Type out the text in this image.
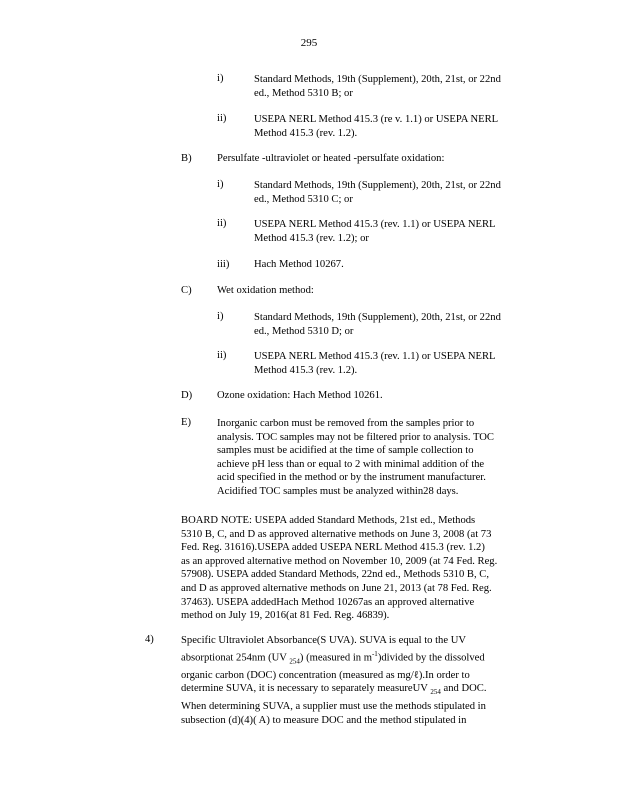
295
i)	Standard Methods, 19th (Supplement), 20th, 21st, or 22nd
ed., Method 5310 B; or
ii)	USEPA NERL Method 415.3 (re v. 1.1) or USEPA NERL
Method 415.3 (rev. 1.2).
B) Persulfate -ultraviolet or heated -persulfate oxidation:
i)	Standard Methods, 19th (Supplement), 20th, 21st, or 22nd
ed., Method 5310 C; or
ii)	USEPA NERL Method 415.3 (rev. 1.1) or USEPA NERL
Method 415.3 (rev. 1.2); or
iii) Hach Method 10267.
C) Wet oxidation method:
i)	Standard Methods, 19th (Supplement), 20th, 21st, or 22nd
ed., Method 5310 D; or
ii)	USEPA NERL Method 415.3 (rev. 1.1) or USEPA NERL
Method 415.3 (rev. 1.2).
D) Ozone oxidation: Hach Method 10261.
E) Inorganic carbon must be removed from the samples prior to
analysis. TOC samples may not be filtered prior to analysis. TOC
samples must be acidified at the time of sample collection to
achieve pH less than or equal to 2 with minimal addition of the
acid specified in the method or by the instrument manufacturer.
Acidified TOC samples must be analyzed within28 days.
BOARD NOTE: USEPA added Standard Methods, 21st ed., Methods
5310 B, C, and D as approved alternative methods on June 3, 2008 (at 73
Fed. Reg. 31616).USEPA added USEPA NERL Method 415.3 (rev. 1.2)
as an approved alternative method on November 10, 2009 (at 74 Fed. Reg.
57908). USEPA added Standard Methods, 22nd ed., Methods 5310 B, C,
and D as approved alternative methods on June 21, 2013 (at 78 Fed. Reg.
37463). USEPA addedHach Method 10267as an approved alternative
method on July 19, 2016(at 81 Fed. Reg. 46839).
4)	Specific Ultraviolet Absorbance(S UVA). SUVA is equal to the UV
absorptionat 254nm (UV $_{254}$) (measured in $m^{-1})divided$ by the dissolved
organic carbon (DOC) concentration (measured as mg/ℓ).In order to
determine SUVA, it is necessary to separately measureUV $_{254}$ and DOC.
When determining SUVA, a supplier must use the methods stipulated in
subsection (d)(4)( A) to measure DOC and the method stipulated in
